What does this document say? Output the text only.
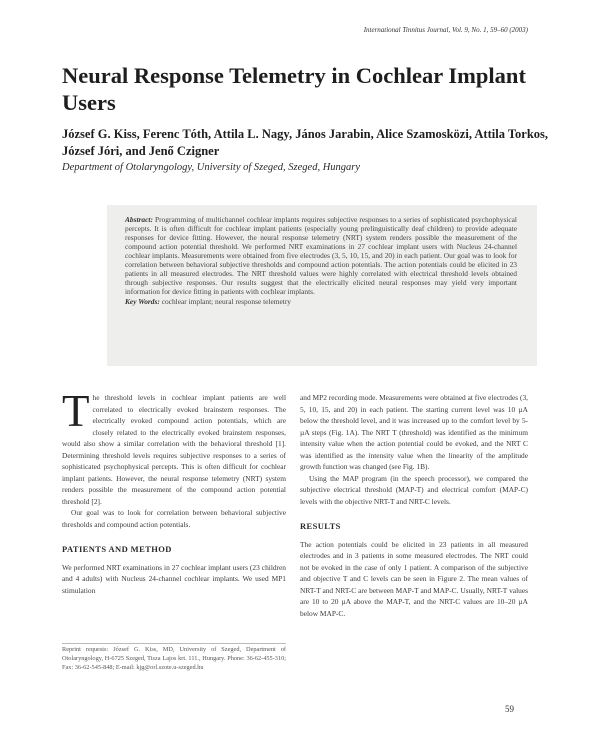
International Tinnitus Journal, Vol. 9, No. 1, 59–60 (2003)
Neural Response Telemetry in Cochlear Implant Users
József G. Kiss, Ferenc Tóth, Attila L. Nagy, János Jarabin, Alice Szamosközi, Attila Torkos, József Jóri, and Jenő Czigner
Department of Otolaryngology, University of Szeged, Szeged, Hungary
Abstract: Programming of multichannel cochlear implants requires subjective responses to a series of sophisticated psychophysical percepts. It is often difficult for cochlear implant patients (especially young prelinguistically deaf children) to provide adequate responses for device fitting. However, the neural response telemetry (NRT) system renders possible the measurement of the compound action potential threshold. We performed NRT examinations in 27 cochlear implant users with Nucleus 24-channel cochlear implants. Measurements were obtained from five electrodes (3, 5, 10, 15, and 20) in each patient. Our goal was to look for correlation between behavioral subjective thresholds and compound action potentials. The action potentials could be elicited in 23 patients in all measured electrodes. The NRT threshold values were highly correlated with electrical threshold levels obtained through subjective responses. Our results suggest that the electrically elicited neural responses may yield very important information for device fitting in patients with cochlear implants.
Key Words: cochlear implant; neural response telemetry

The threshold levels in cochlear implant patients are well correlated to electrically evoked brainstem responses. The electrically evoked compound action potentials, which are closely related to the electrically evoked brainstem responses, would also show a similar correlation with the behavioral threshold [1]. Determining threshold levels requires subjective responses to a series of sophisticated psychophysical percepts. This is often difficult for cochlear implant patients. However, the neural response telemetry (NRT) system renders possible the measurement of the compound action potential threshold [2].

Our goal was to look for correlation between behavioral subjective thresholds and compound action potentials.

PATIENTS AND METHOD

We performed NRT examinations in 27 cochlear implant users (23 children and 4 adults) with Nucleus 24-channel cochlear implants. We used MP1 stimulation

and MP2 recording mode. Measurements were obtained at five electrodes (3, 5, 10, 15, and 20) in each patient. The starting current level was 10 µA below the threshold level, and it was increased up to the comfort level by 5-µA steps (Fig. 1A). The NRT T (threshold) was identified as the minimum intensity value when the action potential could be evoked, and the NRT C was identified as the intensity value when the linearity of the amplitude growth function was changed (see Fig. 1B).

Using the MAP program (in the speech processor), we compared the subjective electrical threshold (MAP-T) and electrical comfort (MAP-C) levels with the objective NRT-T and NRT-C levels.

RESULTS

The action potentials could be elicited in 23 patients in all measured electrodes and in 3 patients in some measured electrodes. The NRT could not be evoked in the case of only 1 patient. A comparison of the subjective and objective T and C levels can be seen in Figure 2. The mean values of NRT-T and NRT-C are between MAP-T and MAP-C. Usually, NRT-T values are 10 to 20 µA above the MAP-T, and the NRT-C values are 10–20 µA below MAP-C.

Reprint requests: József G. Kiss, MD, University of Szeged, Department of Otolaryngology, H-6725 Szeged, Tisza Lajos krt. 111., Hungary. Phone: 36-62-455-310; Fax: 36-62-545-848; E-mail: kjg@orl.szote.u-szeged.hu
59
